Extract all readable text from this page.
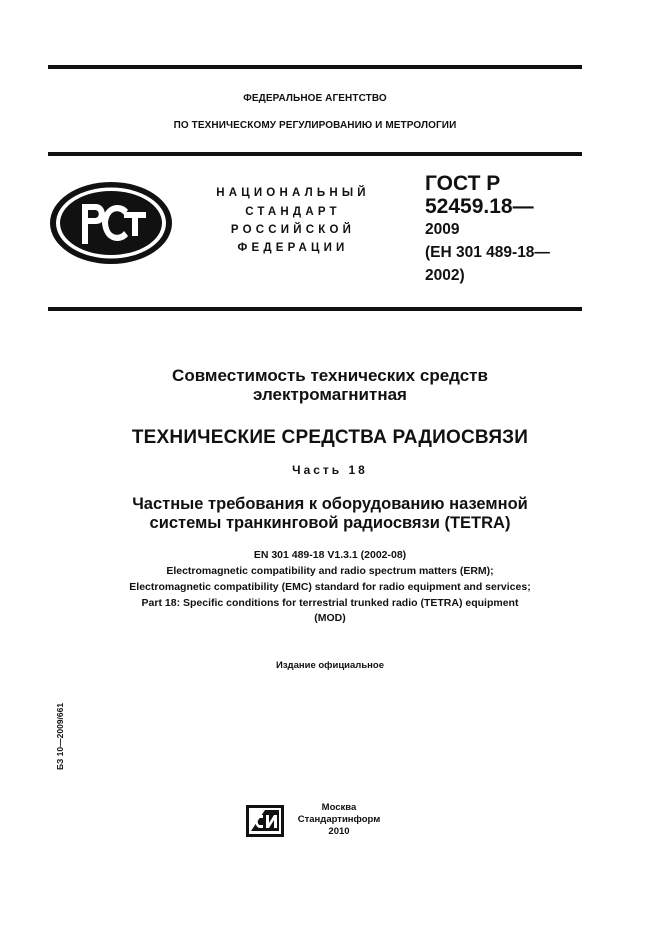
ФЕДЕРАЛЬНОЕ АГЕНТСТВО
ПО ТЕХНИЧЕСКОМУ РЕГУЛИРОВАНИЮ И МЕТРОЛОГИИ
НАЦИОНАЛЬНЫЙ
СТАНДАРТ
РОССИЙСКОЙ
ФЕДЕРАЦИИ
ГОСТ Р
52459.18—
2009
(ЕН 301 489-18—
2002)
Совместимость технических средств
электромагнитная
ТЕХНИЧЕСКИЕ СРЕДСТВА РАДИОСВЯЗИ
Часть 18
Частные требования к оборудованию наземной
системы транкинговой радиосвязи (TETRA)
EN 301 489-18 V1.3.1 (2002-08)
Electromagnetic compatibility and radio spectrum matters (ERM);
Electromagnetic compatibility (EMC) standard for radio equipment and services;
Part 18: Specific conditions for terrestrial trunked radio (TETRA) equipment
(MOD)
Издание официальное
БЗ 10—2009/661
Москва
Стандартинформ
2010
